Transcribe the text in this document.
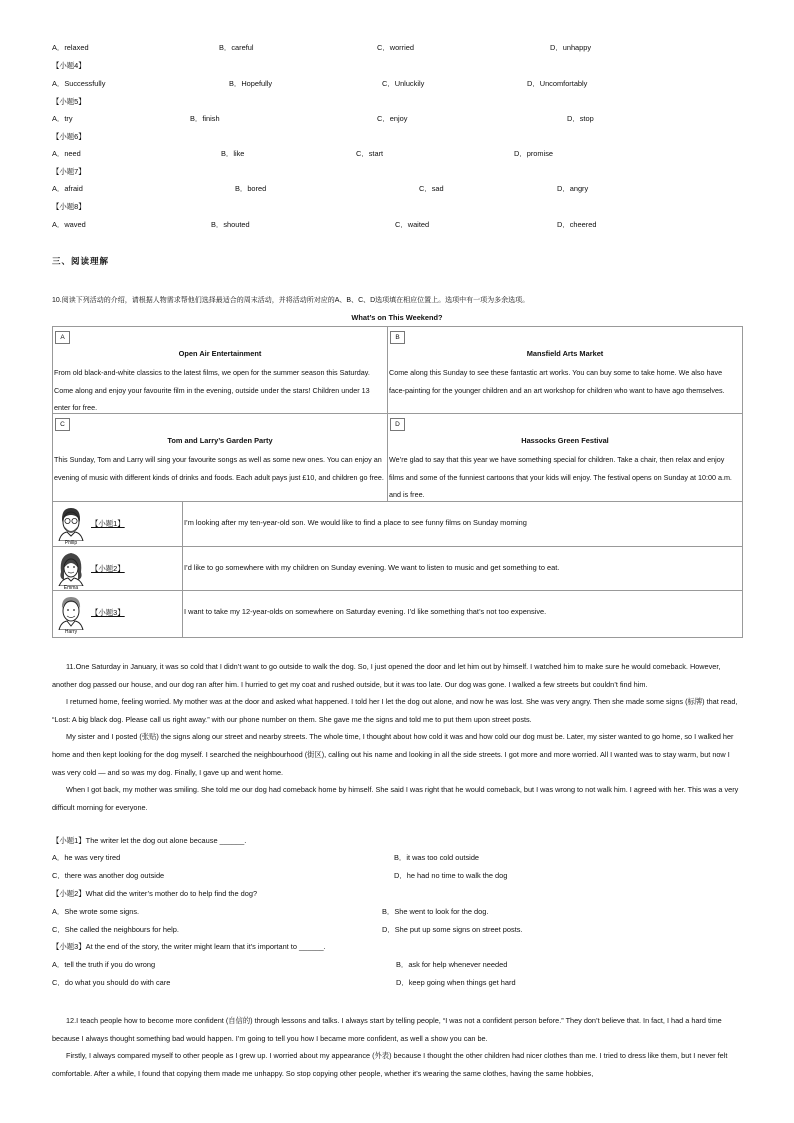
A．relaxed	B．careful	C．worried	D．unhappy
【小题4】
A．Successfully	B．Hopefully	C．Unluckily	D．Uncomfortably
【小题5】
A．try	B．finish	C．enjoy	D．stop
【小题6】
A．need	B．like	C．start	D．promise
【小题7】
A．afraid	B．bored	C．sad	D．angry
【小题8】
A．waved	B．shouted	C．waited	D．cheered
三、阅读理解
10.阅读下列活动的介绍，请根据人物需求帮他们选择最适合的周末活动，并将活动所对应的A、B、C、D选项填在相应位置上。选项中有一项为多余选项。
What’s on This Weekend?
A
Open Air Entertainment
From old black-and-white classics to the latest films, we open for the summer season this Saturday. Come along and enjoy your favourite film in the evening, outside under the stars! Children under 13 enter for free.
B
Mansfield Arts Market
Come along this Sunday to see these fantastic art works. You can buy some to take home. We also have face-painting for the younger children and an art workshop for children who want to have ago themselves.
C
Tom and Larry’s Garden Party
This Sunday, Tom and Larry will sing your favourite songs as well as some new ones. You can enjoy an evening of music with different kinds of drinks and foods. Each adult pays just £10, and children go free.
D
Hassocks Green Festival
We’re glad to say that this year we have something special for children. Take a chair, then relax and enjoy films and some of the funniest cartoons that your kids will enjoy. The festival opens on Sunday at 10:00 a.m. and is free.
Philip
【小题1】	I’m looking after my ten-year-old son. We would like to find a place to see funny films on Sunday morning
Emma
【小题2】	I’d like to go somewhere with my children on Sunday evening. We want to listen to music and get something to eat.
Harry
【小题3】	I want to take my 12-year-olds on somewhere on Saturday evening. I’d like something that’s not too expensive.

11.One Saturday in January, it was so cold that I didn’t want to go outside to walk the dog. So, I just opened the door and let him out by himself. I watched him to make sure he would comeback. However, another dog passed our house, and our dog ran after him. I hurried to get my coat and rushed outside, but it was too late. Our dog was gone. I walked a few streets but couldn’t find him.

I returned home, feeling worried. My mother was at the door and asked what happened. I told her I let the dog out alone, and now he was lost. She was very angry. Then she made some signs (标牌) that read, “Lost: A big black dog. Please call us right away.” with our phone number on them. She gave me the signs and told me to put them upon street posts.

My sister and I posted (张贴) the signs along our street and nearby streets. The whole time, I thought about how cold it was and how cold our dog must be. Later, my sister wanted to go home, so I walked her home and then kept looking for the dog myself. I searched the neighbourhood (街区), calling out his name and looking in all the side streets. I got more and more worried. All I wanted was to stay warm, but now I was very cold — and so was my dog. Finally, I gave up and went home.

When I got back, my mother was smiling. She told me our dog had comeback home by himself. She said I was right that he would comeback, but I was wrong to not walk him. I agreed with her. This was a very difficult morning for everyone.

【小题1】The writer let the dog out alone because ______.
A．he was very tired	B．it was too cold outside
C．there was another dog outside	D．he had no time to walk the dog
【小题2】What did the writer’s mother do to help find the dog?
A．She wrote some signs.	B．She went to look for the dog.
C．She called the neighbours for help.	D．She put up some signs on street posts.
【小题3】At the end of the story, the writer might learn that it’s important to ______.
A．tell the truth if you do wrong	B．ask for help whenever needed
C．do what you should do with care	D．keep going when things get hard

12.I teach people how to become more confident (自信的) through lessons and talks. I always start by telling people, “I was not a confident person before.” They don’t believe that. In fact, I had a hard time because I always thought something bad would happen. I’m going to tell you how I became more confident, as well a show you can be.

Firstly, I always compared myself to other people as I grew up. I worried about my appearance (外表) because I thought the other children had nicer clothes than me. I tried to dress like them, but I never felt comfortable. After a while, I found that copying them made me unhappy. So stop copying other people, whether it’s wearing the same clothes, having the same hobbies,
